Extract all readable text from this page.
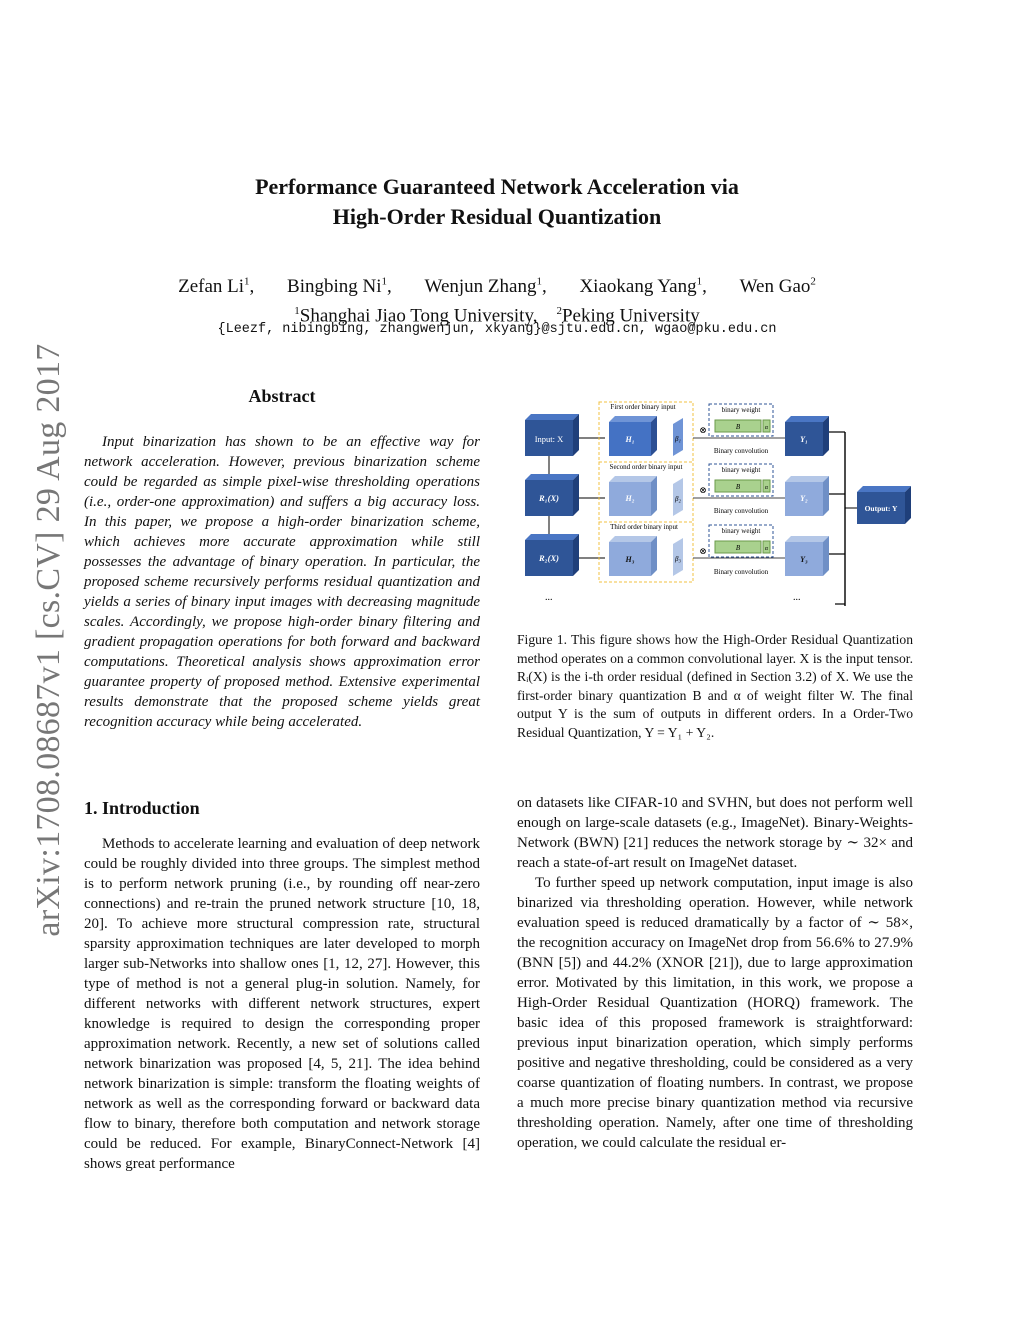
arXiv:1708.08687v1 [cs.CV] 29 Aug 2017
Performance Guaranteed Network Acceleration via
High-Order Residual Quantization
Zefan Li$^1$, Bingbing Ni$^1$, Wenjun Zhang$^1$, Xiaokang Yang$^1$, Wen Gao$^2$
$^1$Shanghai Jiao Tong University, $^2$Peking University
{Leezf, nibingbing, zhangwenjun, xkyang}@sjtu.edu.cn, wgao@pku.edu.cn
Abstract
Input binarization has shown to be an effective way for network acceleration. However, previous binarization scheme could be regarded as simple pixel-wise thresholding operations (i.e., order-one approximation) and suffers a big accuracy loss. In this paper, we propose a high-order binarization scheme, which achieves more accurate approximation while still possesses the advantage of binary operation. In particular, the proposed scheme recursively performs residual quantization and yields a series of binary input images with decreasing magnitude scales. Accordingly, we propose high-order binary filtering and gradient propagation operations for both forward and backward computations. Theoretical analysis shows approximation error guarantee property of proposed method. Extensive experimental results demonstrate that the proposed scheme yields great recognition accuracy while being accelerated.
1. Introduction
Methods to accelerate learning and evaluation of deep network could be roughly divided into three groups. The simplest method is to perform network pruning (i.e., by rounding off near-zero connections) and re-train the pruned network structure [10, 18, 20]. To achieve more structural compression rate, structural sparsity approximation techniques are later developed to morph larger sub-Networks into shallow ones [1, 12, 27]. However, this type of method is not a general plug-in solution. Namely, for different networks with different network structures, expert knowledge is required to design the corresponding proper approximation network. Recently, a new set of solutions called network binarization was proposed [4, 5, 21]. The idea behind network binarization is simple: transform the floating weights of network as well as the corresponding forward or backward data flow to binary, therefore both computation and network storage could be reduced. For example, BinaryConnect-Network [4] shows great performance
Input: X
R₁(X)
R₂(X)
...
First order binary input
Second order binary input
Third order binary input
H₁
H₂
H₃
β₁
β₂
β₃
binary weight
B	α
⊗
Binary convolution
binary weight
B	α
⊗
Binary convolution
binary weight
B	α
⊗
Binary convolution
Y₁
Y₂
Y₃
...
Output: Y
Figure 1. This figure shows how the High-Order Residual Quantization method operates on a common convolutional layer. X is the input tensor. Rᵢ(X) is the i-th order residual (defined in Section 3.2) of X. We use the first-order binary quantization B and α of weight filter W. The final output Y is the sum of outputs in different orders. In a Order-Two Residual Quantization, Y = Y₁ + Y₂.

on datasets like CIFAR-10 and SVHN, but does not perform well enough on large-scale datasets (e.g., ImageNet). Binary-Weights-Network (BWN) [21] reduces the network storage by ∼ 32× and reach a state-of-art result on ImageNet dataset.

To further speed up network computation, input image is also binarized via thresholding operation. However, while network evaluation speed is reduced dramatically by a factor of ∼ 58×, the recognition accuracy on ImageNet drop from 56.6% to 27.9% (BNN [5]) and 44.2% (XNOR [21]), due to large approximation error. Motivated by this limitation, in this work, we propose a High-Order Residual Quantization (HORQ) framework. The basic idea of this proposed framework is straightforward: previous input binarization operation, which simply performs positive and negative thresholding, could be considered as a very coarse quantization of floating numbers. In contrast, we propose a much more precise binary quantization method via recursive thresholding operation. Namely, after one time of thresholding operation, we could calculate the residual er-
